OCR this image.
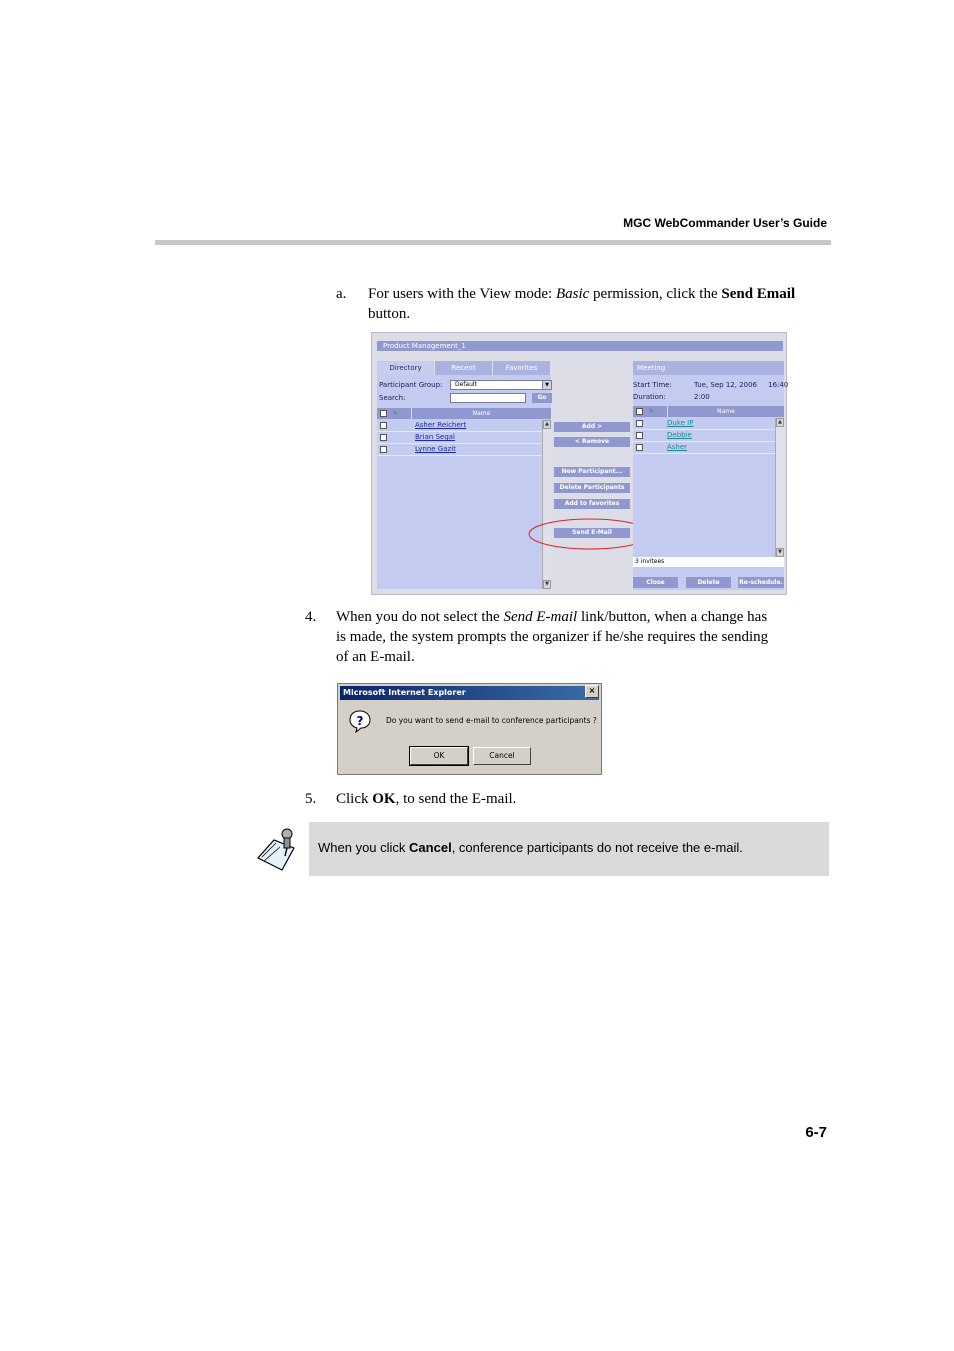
MGC WebCommander User’s Guide
a. For users with the View mode: Basic permission, click the Send Email button.
Product Management_1
Directory	Recent	Favorites
Participant Group:	Default	▼
Search:	Go
✎	Name
Asher Reichert
Brian Segal
Lynne Gazit
▲
▼
Add >
< Remove
New Participant...
Delete Participants
Add to favorites
Send E-Mail
Meeting
Start Time:	Tue, Sep 12, 2006     16:40
Duration:	2:00
✎	Name
Duke IP
Debbie
Asher
▲
▼
3 invitees
Close	Delete	Re-schedule.
4. When you do not select the Send E-mail link/button, when a change has
is made, the system prompts the organizer if he/she requires the sending
of an E-mail.
Microsoft Internet Explorer	×
?	Do you want to send e-mail to conference participants ?
OK	Cancel
5. Click OK, to send the E-mail.
When you click Cancel, conference participants do not receive the e-mail.
6-7
